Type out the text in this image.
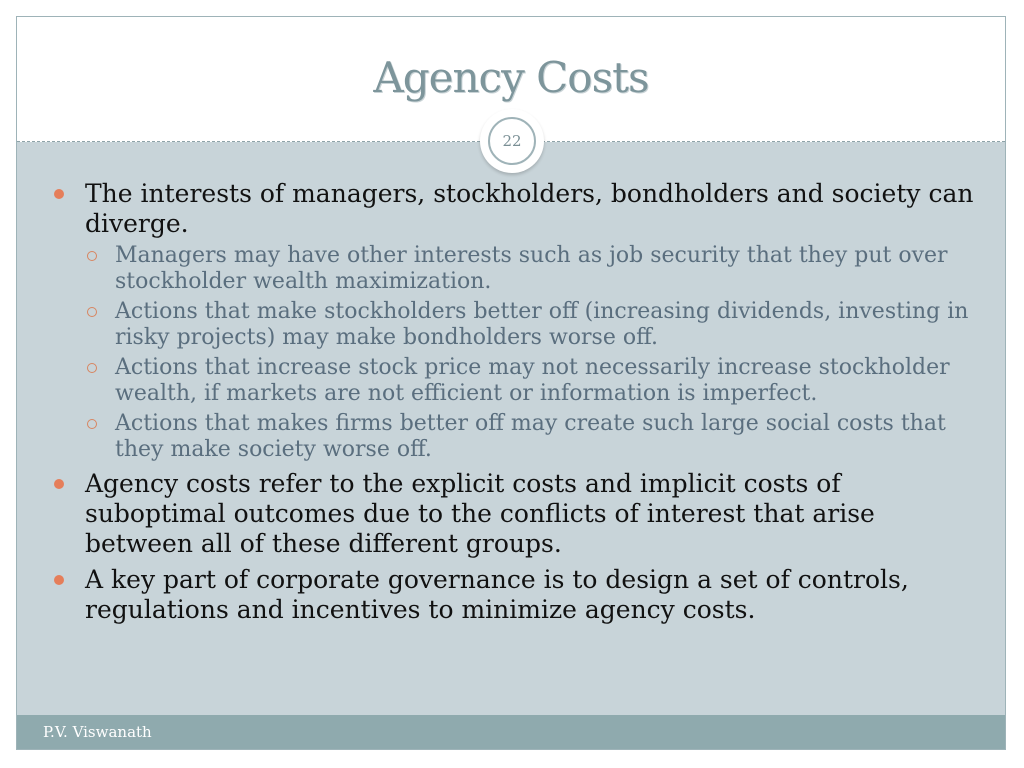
Agency Costs
22
The interests of managers, stockholders, bondholders and society can diverge.
Managers may have other interests such as job security that they put over stockholder wealth maximization.
Actions that make stockholders better off (increasing dividends, investing in risky projects) may make bondholders worse off.
Actions that increase stock price may not necessarily increase stockholder wealth, if markets are not efficient or information is imperfect.
Actions that makes firms better off may create such large social costs that they make society worse off.
Agency costs refer to the explicit costs and implicit costs of suboptimal outcomes due to the conflicts of interest that arise between all of these different groups.
A key part of corporate governance is to design a set of controls, regulations and incentives to minimize agency costs.
P.V. Viswanath
